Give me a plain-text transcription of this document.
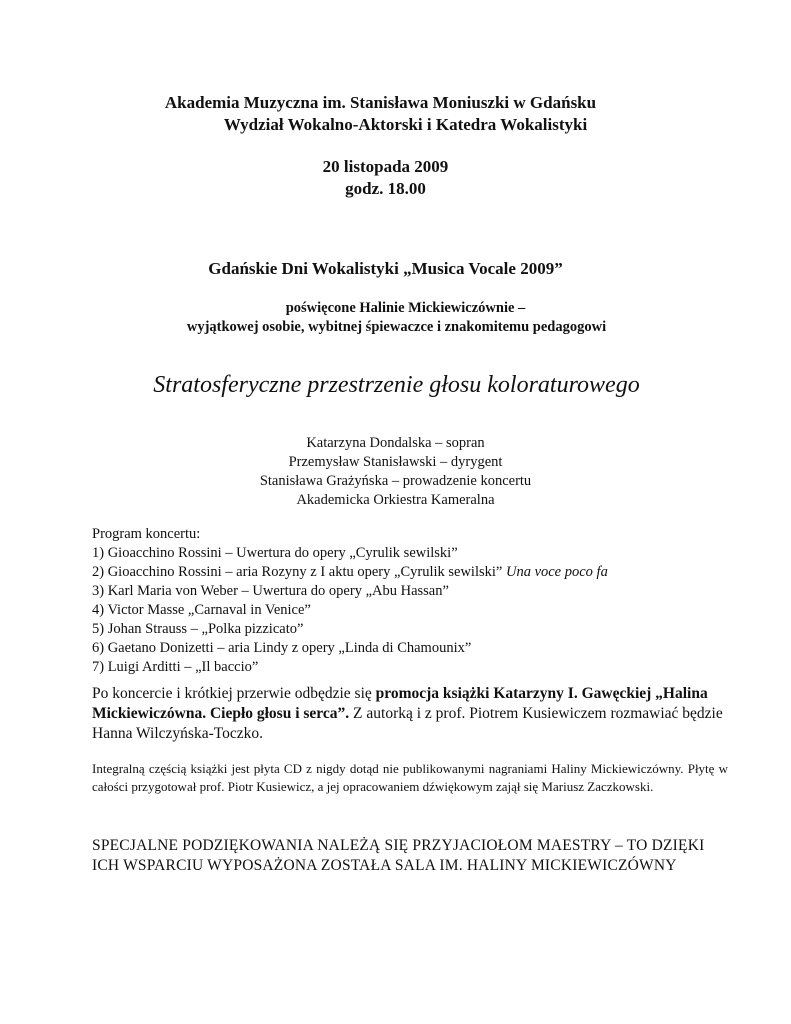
Akademia Muzyczna im. Stanisława Moniuszki w Gdańsku
Wydział Wokalno-Aktorski i Katedra Wokalistyki
20 listopada 2009
godz. 18.00
Gdańskie Dni Wokalistyki „Musica Vocale 2009”
poświęcone Halinie Mickiewiczównie –
wyjątkowej osobie, wybitnej śpiewaczce i znakomitemu pedagogowi
Stratosferyczne przestrzenie głosu koloraturowego
Katarzyna Dondalska – sopran
Przemysław Stanisławski – dyrygent
Stanisława Grażyńska – prowadzenie koncertu
Akademicka Orkiestra Kameralna
Program koncertu:
1) Gioacchino Rossini – Uwertura do opery „Cyrulik sewilski”
2) Gioacchino Rossini – aria Rozyny z I aktu opery „Cyrulik sewilski” Una voce poco fa
3) Karl Maria von Weber – Uwertura do opery „Abu Hassan”
4) Victor Masse „Carnaval in Venice”
5) Johan Strauss – „Polka pizzicato”
6) Gaetano Donizetti – aria Lindy z opery „Linda di Chamounix”
7) Luigi Arditti – „Il baccio”
Po koncercie i krótkiej przerwie odbędzie się promocja książki Katarzyny I. Gawęckiej „Halina Mickiewiczówna. Ciepło głosu i serca”. Z autorką i z prof. Piotrem Kusiewiczem rozmawiać będzie Hanna Wilczyńska-Toczko.
Integralną częścią książki jest płyta CD z nigdy dotąd nie publikowanymi nagraniami Haliny Mickiewiczówny. Płytę w całości przygotował prof. Piotr Kusiewicz, a jej opracowaniem dźwiękowym zajął się Mariusz Zaczkowski.
SPECJALNE PODZIĘKOWANIA NALEŻĄ SIĘ PRZYJACIOŁOM MAESTRY – TO DZIĘKI ICH WSPARCIU WYPOSAŻONA ZOSTAŁA SALA IM. HALINY MICKIEWICZÓWNY
